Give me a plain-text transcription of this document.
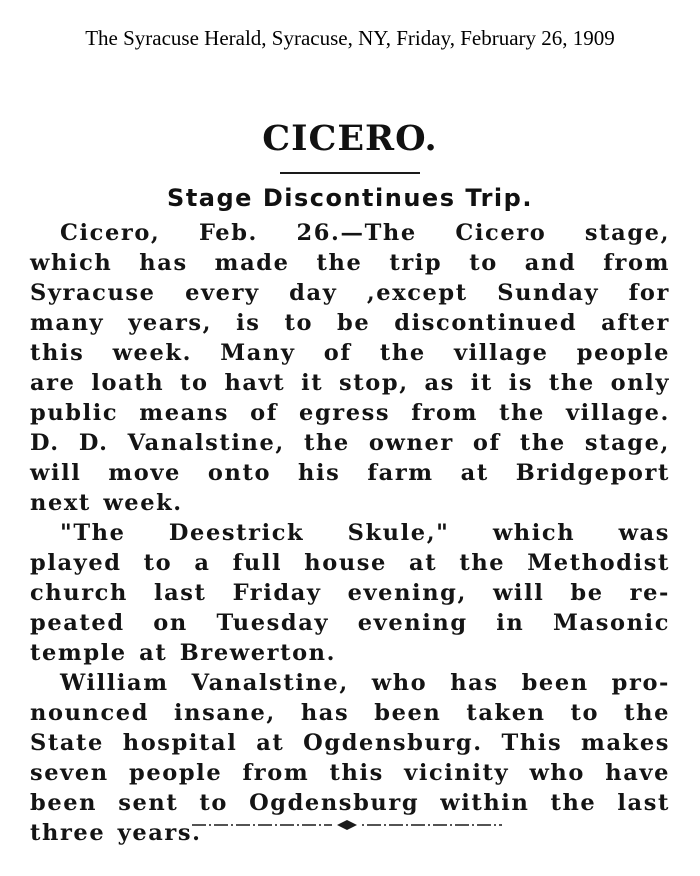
The Syracuse Herald, Syracuse, NY, Friday, February 26, 1909
CICERO.
Stage Discontinues Trip.

Cicero, Feb. 26.—The Cicero stage,
which has made the trip to and from
Syracuse every day ,except Sunday for
many years, is to be discontinued after
this week. Many of the village people
are loath to havt it stop, as it is the only
public means of egress from the village.
D. D. Vanalstine, the owner of the stage,
will move onto his farm at Bridgeport
next week.

"The Deestrick Skule," which was
played to a full house at the Methodist
church last Friday evening, will be re-
peated on Tuesday evening in Masonic
temple at Brewerton.

William Vanalstine, who has been pro-
nounced insane, has been taken to the
State hospital at Ogdensburg. This makes
seven people from this vicinity who have
been sent to Ogdensburg within the last
three years.
